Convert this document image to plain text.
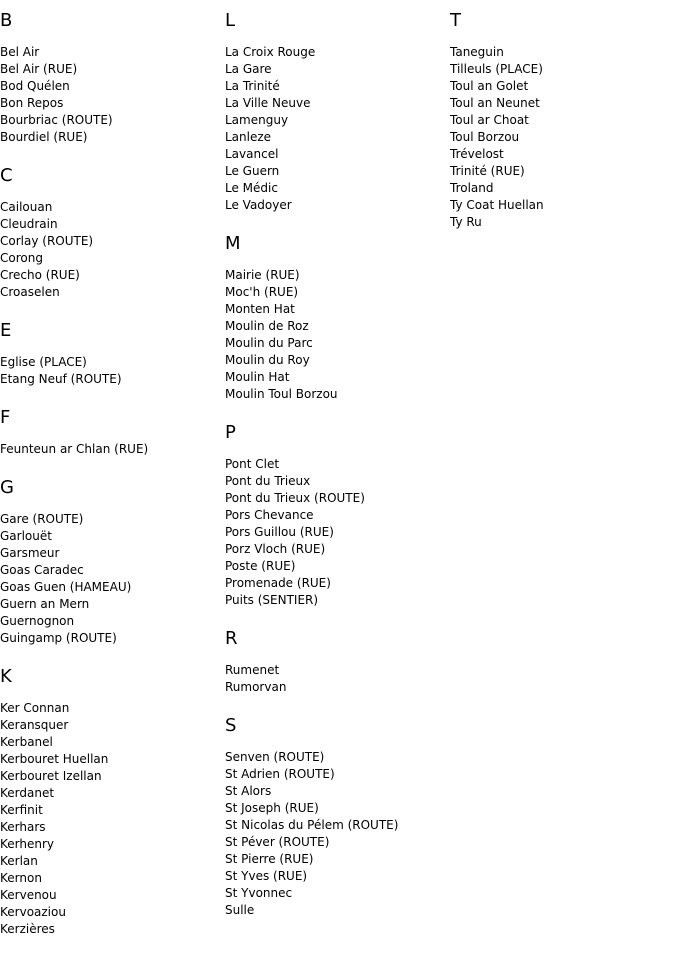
B
Bel Air
Bel Air (RUE)
Bod Quélen
Bon Repos
Bourbriac (ROUTE)
Bourdiel (RUE)
C
Cailouan
Cleudrain
Corlay (ROUTE)
Corong
Crecho (RUE)
Croaselen
E
Eglise (PLACE)
Etang Neuf (ROUTE)
F
Feunteun ar Chlan (RUE)
G
Gare (ROUTE)
Garlouët
Garsmeur
Goas Caradec
Goas Guen (HAMEAU)
Guern an Mern
Guernognon
Guingamp (ROUTE)
K
Ker Connan
Keransquer
Kerbanel
Kerbouret Huellan
Kerbouret Izellan
Kerdanet
Kerfinit
Kerhars
Kerhenry
Kerlan
Kernon
Kervenou
Kervoaziou
Kerzières
L
La Croix Rouge
La Gare
La Trinité
La Ville Neuve
Lamenguy
Lanleze
Lavancel
Le Guern
Le Médic
Le Vadoyer
M
Mairie (RUE)
Moc'h (RUE)
Monten Hat
Moulin de Roz
Moulin du Parc
Moulin du Roy
Moulin Hat
Moulin Toul Borzou
P
Pont Clet
Pont du Trieux
Pont du Trieux (ROUTE)
Pors Chevance
Pors Guillou (RUE)
Porz Vloch (RUE)
Poste (RUE)
Promenade (RUE)
Puits (SENTIER)
R
Rumenet
Rumorvan
S
Senven (ROUTE)
St Adrien (ROUTE)
St Alors
St Joseph (RUE)
St Nicolas du Pélem (ROUTE)
St Péver (ROUTE)
St Pierre (RUE)
St Yves (RUE)
St Yvonnec
Sulle
T
Taneguin
Tilleuls (PLACE)
Toul an Golet
Toul an Neunet
Toul ar Choat
Toul Borzou
Trévelost
Trinité (RUE)
Troland
Ty Coat Huellan
Ty Ru
